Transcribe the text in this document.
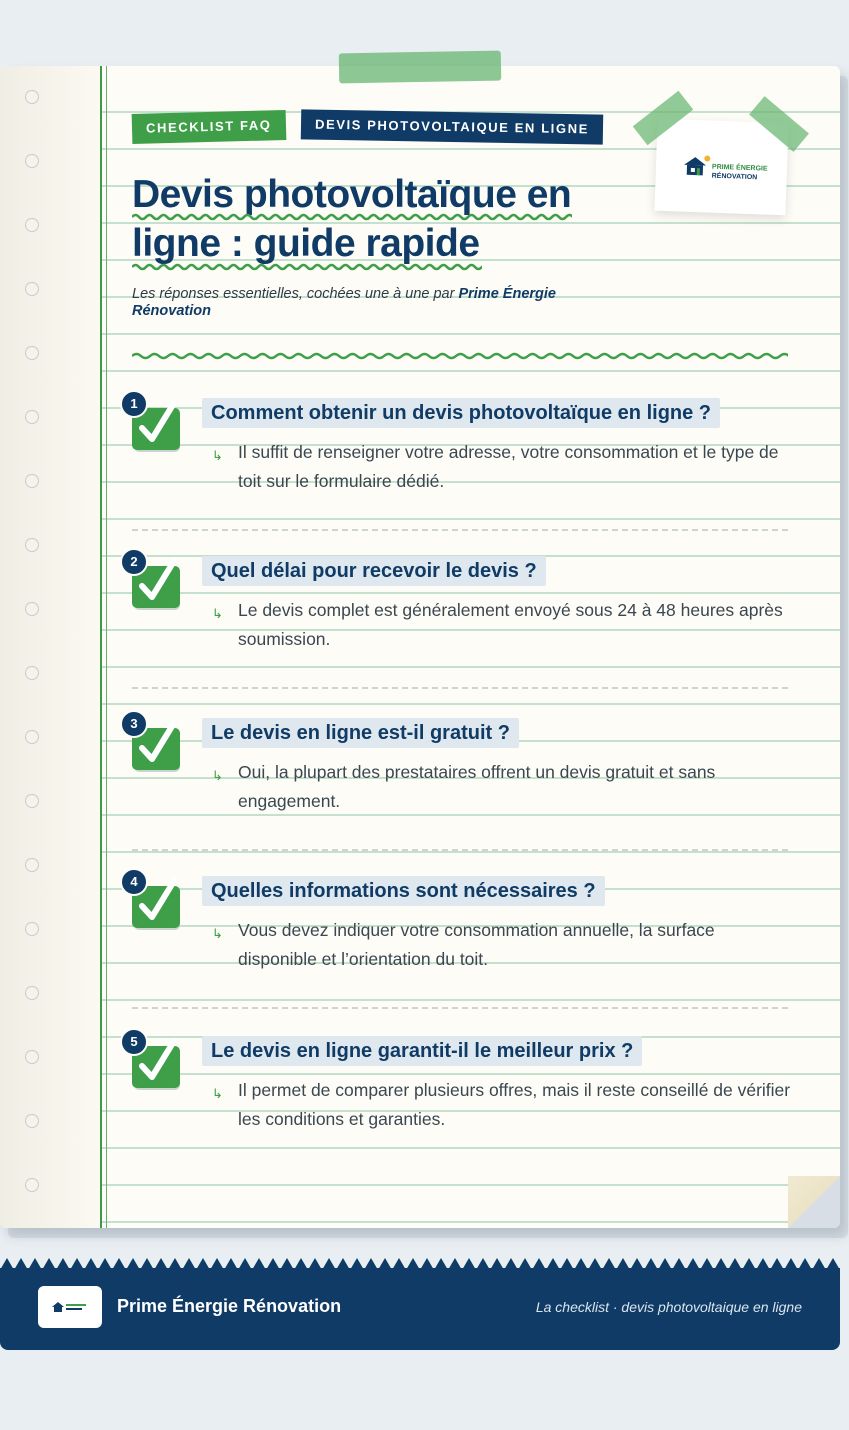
CHECKLIST FAQ	DEVIS PHOTOVOLTAIQUE EN LIGNE
PRIME ÉNERGIE
RÉNOVATION
Devis photovoltaïque en ligne : guide rapide
Les réponses essentielles, cochées une à une par Prime Énergie Rénovation
1	Comment obtenir un devis photovoltaïque en ligne ?
↳ Il suffit de renseigner votre adresse, votre consommation et le type de toit sur le formulaire dédié.
2	Quel délai pour recevoir le devis ?
↳ Le devis complet est généralement envoyé sous 24 à 48 heures après soumission.
3	Le devis en ligne est-il gratuit ?
↳ Oui, la plupart des prestataires offrent un devis gratuit et sans engagement.
4	Quelles informations sont nécessaires ?
↳ Vous devez indiquer votre consommation annuelle, la surface disponible et l’orientation du toit.
5	Le devis en ligne garantit-il le meilleur prix ?
↳ Il permet de comparer plusieurs offres, mais il reste conseillé de vérifier les conditions et garanties.
Prime Énergie Rénovation	La checklist · devis photovoltaique en ligne
